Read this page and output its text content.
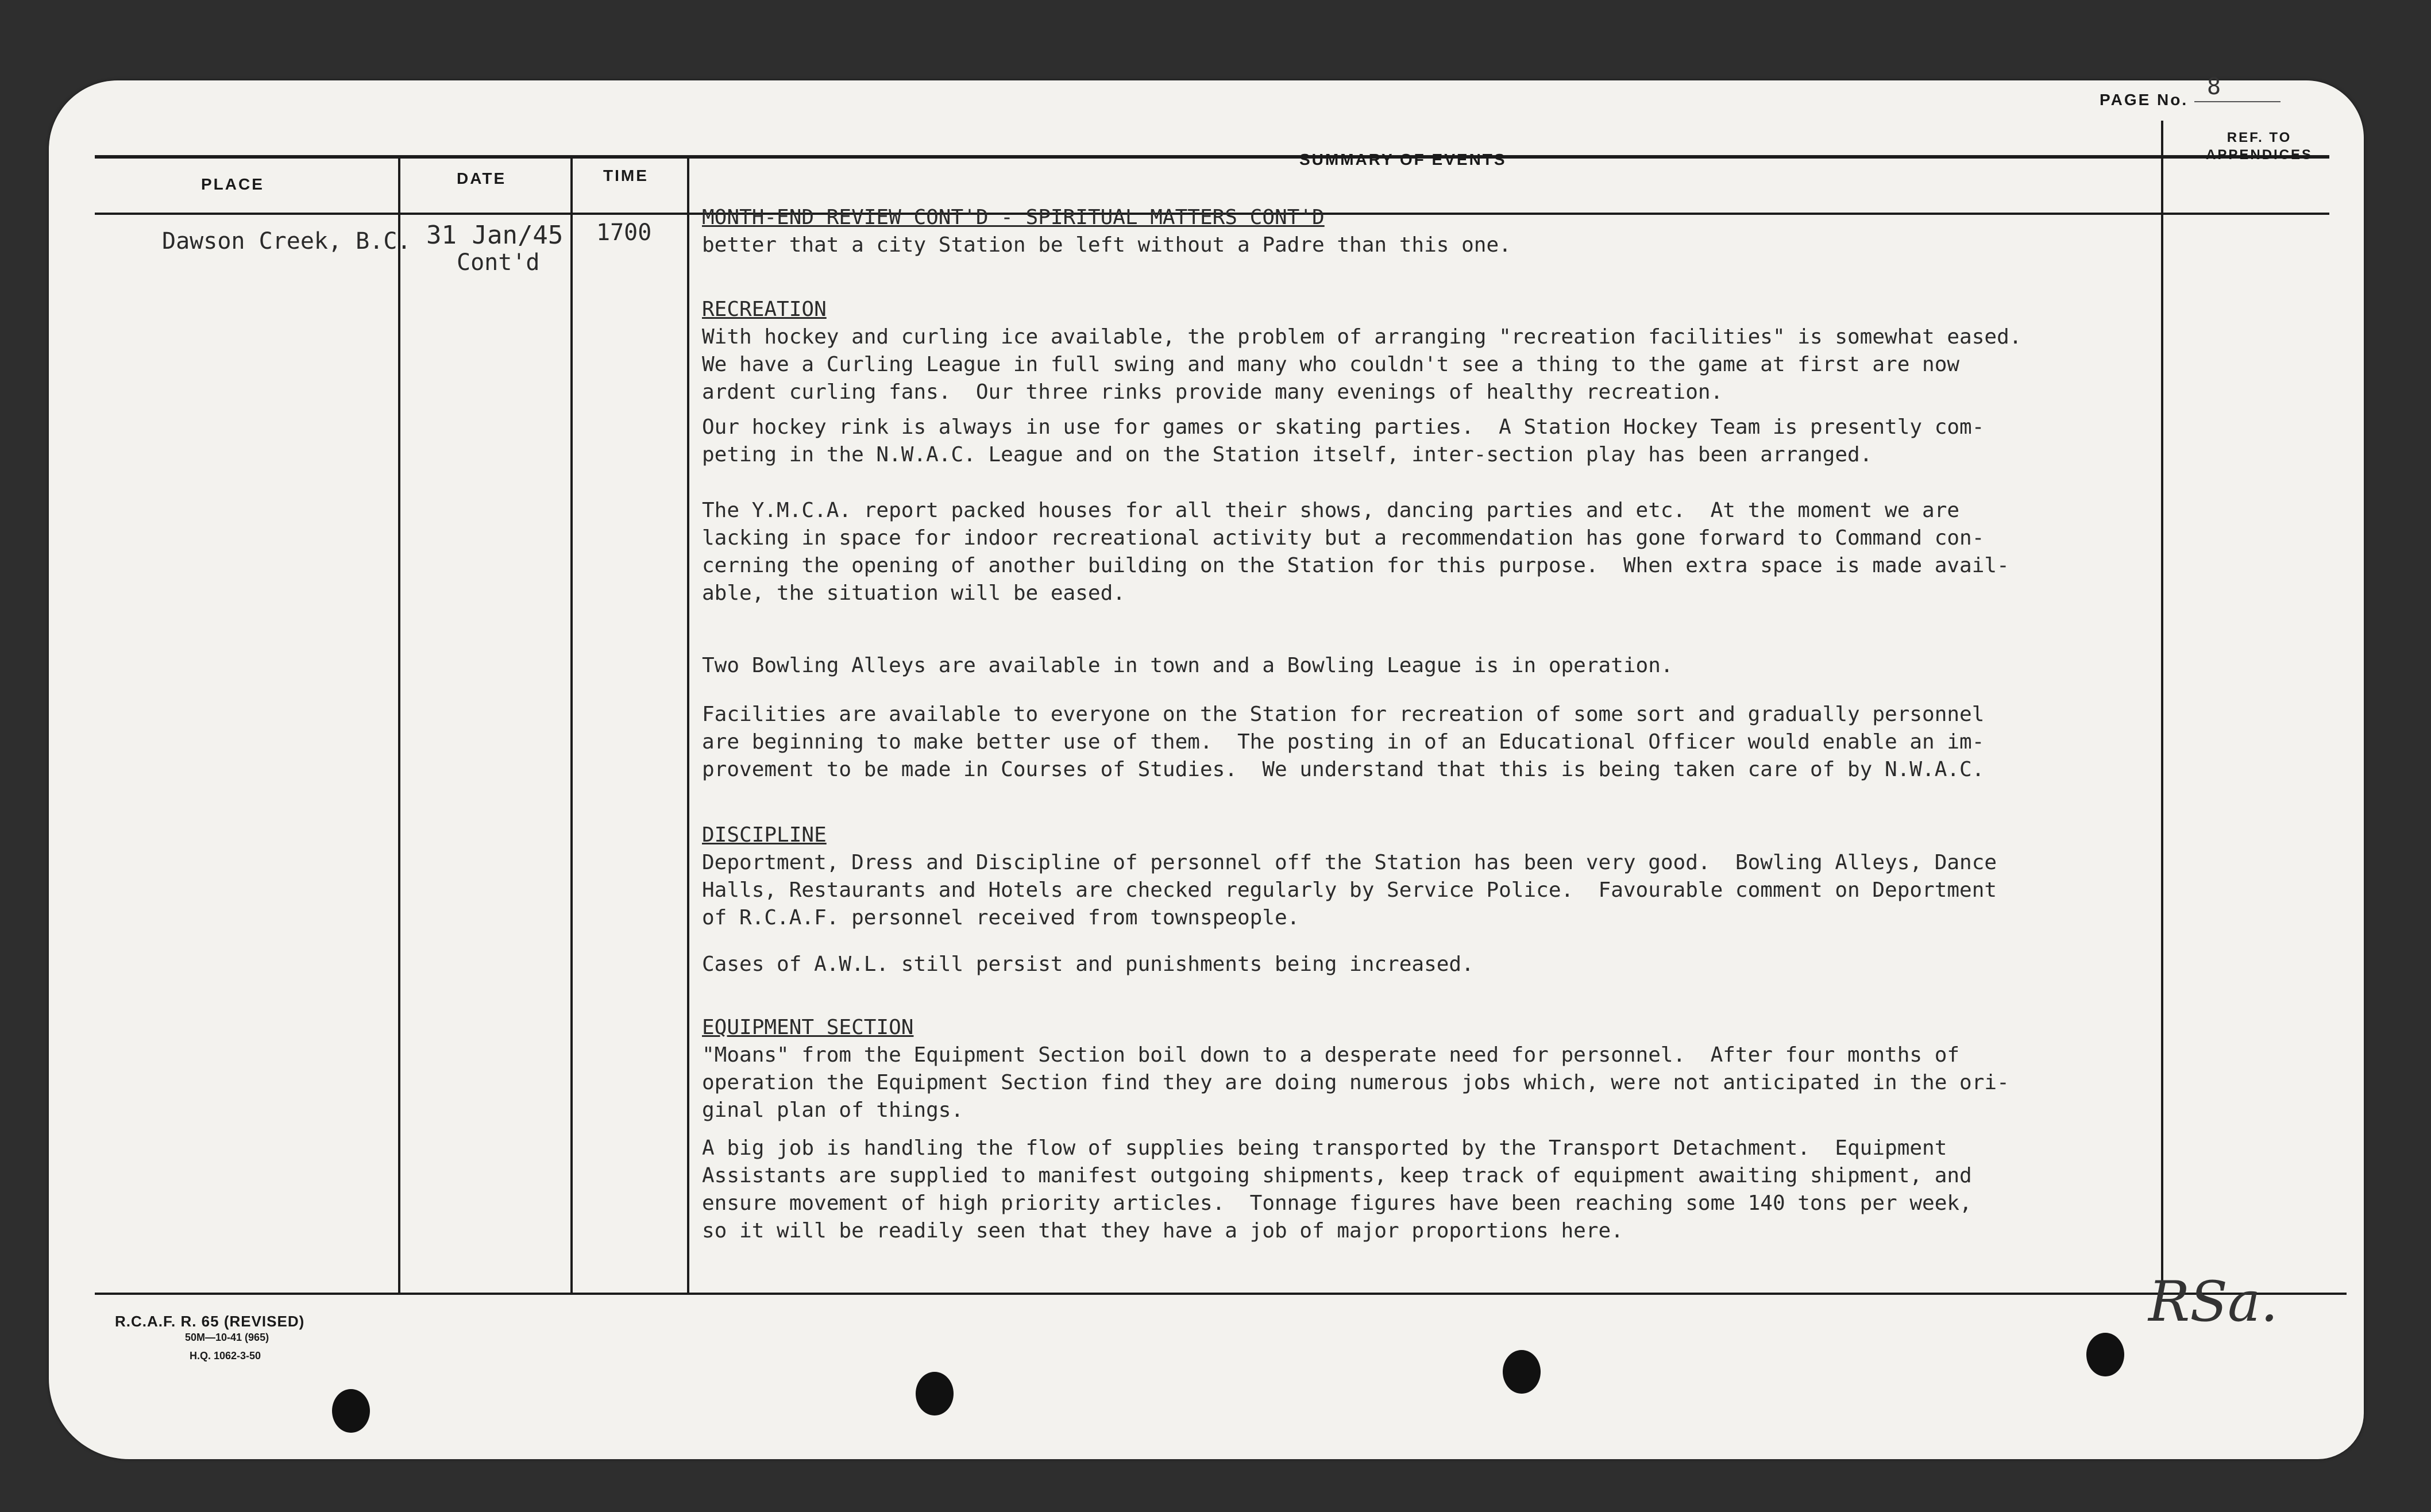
PAGE No. 8
PLACE	DATE	TIME
SUMMARY OF EVENTS
REF. TO
APPENDICES
Dawson Creek, B.C. 31 Jan/45
Cont'd
1700
MONTH-END REVIEW CONT'D - SPIRITUAL MATTERS CONT'D
better that a city Station be left without a Padre than this one.
RECREATION
With hockey and curling ice available, the problem of arranging "recreation facilities" is somewhat eased.
We have a Curling League in full swing and many who couldn't see a thing to the game at first are now
ardent curling fans.  Our three rinks provide many evenings of healthy recreation.
Our hockey rink is always in use for games or skating parties.  A Station Hockey Team is presently com-
peting in the N.W.A.C. League and on the Station itself, inter-section play has been arranged.
The Y.M.C.A. report packed houses for all their shows, dancing parties and etc.  At the moment we are
lacking in space for indoor recreational activity but a recommendation has gone forward to Command con-
cerning the opening of another building on the Station for this purpose.  When extra space is made avail-
able, the situation will be eased.
Two Bowling Alleys are available in town and a Bowling League is in operation.
Facilities are available to everyone on the Station for recreation of some sort and gradually personnel
are beginning to make better use of them.  The posting in of an Educational Officer would enable an im-
provement to be made in Courses of Studies.  We understand that this is being taken care of by N.W.A.C.
DISCIPLINE
Deportment, Dress and Discipline of personnel off the Station has been very good.  Bowling Alleys, Dance
Halls, Restaurants and Hotels are checked regularly by Service Police.  Favourable comment on Deportment
of R.C.A.F. personnel received from townspeople.
Cases of A.W.L. still persist and punishments being increased.
EQUIPMENT SECTION
"Moans" from the Equipment Section boil down to a desperate need for personnel.  After four months of
operation the Equipment Section find they are doing numerous jobs which, were not anticipated in the ori-
ginal plan of things.
A big job is handling the flow of supplies being transported by the Transport Detachment.  Equipment
Assistants are supplied to manifest outgoing shipments, keep track of equipment awaiting shipment, and
ensure movement of high priority articles.  Tonnage figures have been reaching some 140 tons per week,
so it will be readily seen that they have a job of major proportions here.
R.C.A.F. R. 65 (REVISED)
50M—10-41 (965)
H.Q. 1062-3-50
RSa.
